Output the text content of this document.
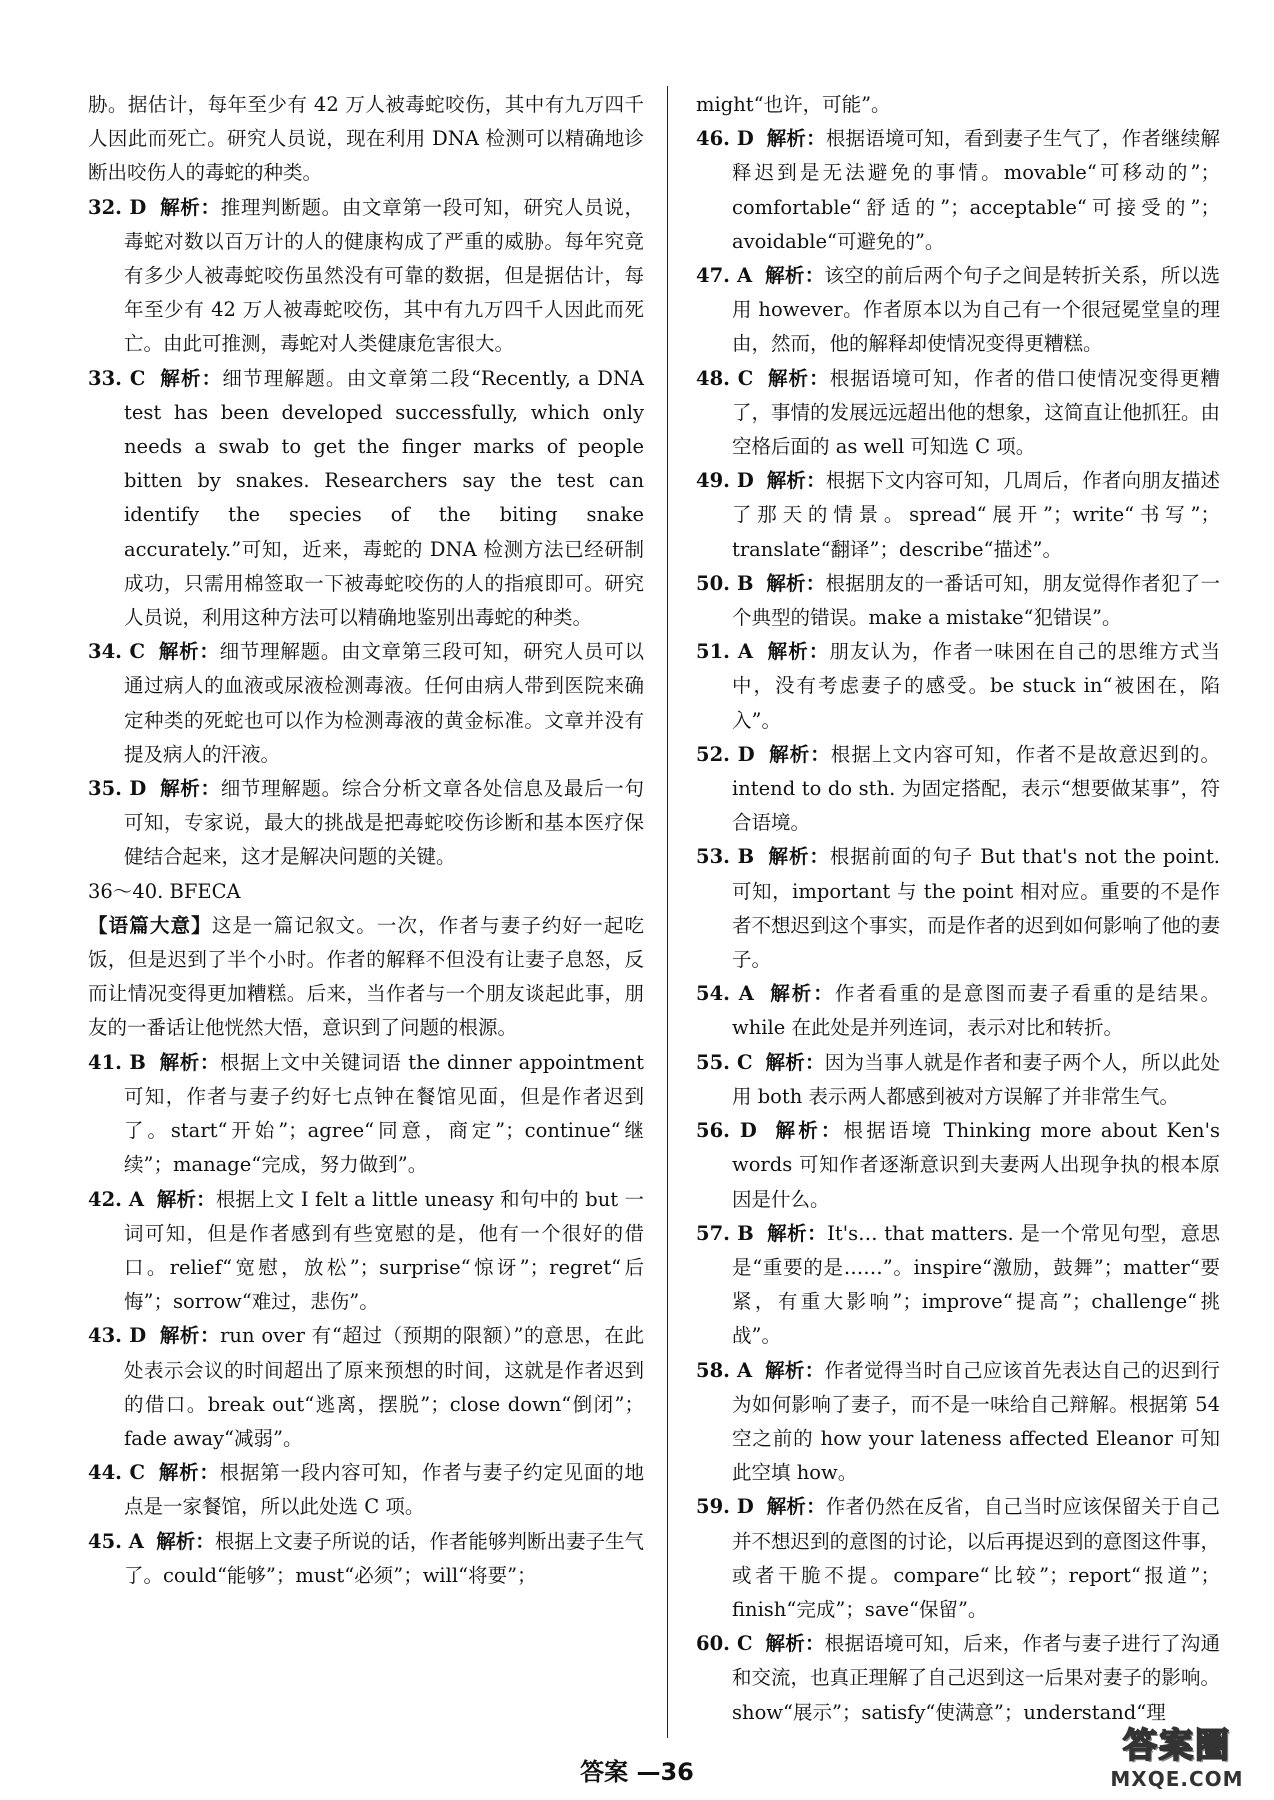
胁。据估计，每年至少有 42 万人被毒蛇咬伤，其中有九万四千人因此而死亡。研究人员说，现在利用 DNA 检测可以精确地诊断出咬伤人的毒蛇的种类。

32. D 解析：推理判断题。由文章第一段可知，研究人员说，毒蛇对数以百万计的人的健康构成了严重的威胁。每年究竟有多少人被毒蛇咬伤虽然没有可靠的数据，但是据估计，每年至少有 42 万人被毒蛇咬伤，其中有九万四千人因此而死亡。由此可推测，毒蛇对人类健康危害很大。

33. C 解析：细节理解题。由文章第二段“Recently, a DNA test has been developed successfully, which only needs a swab to get the finger marks of people bitten by snakes. Researchers say the test can identify the species of the biting snake accurately.”可知，近来，毒蛇的 DNA 检测方法已经研制成功，只需用棉签取一下被毒蛇咬伤的人的指痕即可。研究人员说，利用这种方法可以精确地鉴别出毒蛇的种类。

34. C 解析：细节理解题。由文章第三段可知，研究人员可以通过病人的血液或尿液检测毒液。任何由病人带到医院来确定种类的死蛇也可以作为检测毒液的黄金标准。文章并没有提及病人的汗液。

35. D 解析：细节理解题。综合分析文章各处信息及最后一句可知，专家说，最大的挑战是把毒蛇咬伤诊断和基本医疗保健结合起来，这才是解决问题的关键。

36～40. BFECA

【语篇大意】这是一篇记叙文。一次，作者与妻子约好一起吃饭，但是迟到了半个小时。作者的解释不但没有让妻子息怒，反而让情况变得更加糟糕。后来，当作者与一个朋友谈起此事，朋友的一番话让他恍然大悟，意识到了问题的根源。

41. B 解析：根据上文中关键词语 the dinner appointment 可知，作者与妻子约好七点钟在餐馆见面，但是作者迟到了。start“开始”；agree“同意，商定”；continue“继续”；manage“完成，努力做到”。

42. A 解析：根据上文 I felt a little uneasy 和句中的 but 一词可知，但是作者感到有些宽慰的是，他有一个很好的借口。relief“宽慰，放松”；surprise“惊讶”；regret“后悔”；sorrow“难过，悲伤”。

43. D 解析：run over 有“超过（预期的限额）”的意思，在此处表示会议的时间超出了原来预想的时间，这就是作者迟到的借口。break out“逃离，摆脱”；close down“倒闭”；fade away“减弱”。

44. C 解析：根据第一段内容可知，作者与妻子约定见面的地点是一家餐馆，所以此处选 C 项。

45. A 解析：根据上文妻子所说的话，作者能够判断出妻子生气了。could“能够”；must“必须”；will“将要”；

might“也许，可能”。

46. D 解析：根据语境可知，看到妻子生气了，作者继续解释迟到是无法避免的事情。movable“可移动的”；comfortable“舒适的”；acceptable“可接受的”；avoidable“可避免的”。

47. A 解析：该空的前后两个句子之间是转折关系，所以选用 however。作者原本以为自己有一个很冠冕堂皇的理由，然而，他的解释却使情况变得更糟糕。

48. C 解析：根据语境可知，作者的借口使情况变得更糟了，事情的发展远远超出他的想象，这简直让他抓狂。由空格后面的 as well 可知选 C 项。

49. D 解析：根据下文内容可知，几周后，作者向朋友描述了那天的情景。spread“展开”；write“书写”；translate“翻译”；describe“描述”。

50. B 解析：根据朋友的一番话可知，朋友觉得作者犯了一个典型的错误。make a mistake“犯错误”。

51. A 解析：朋友认为，作者一味困在自己的思维方式当中，没有考虑妻子的感受。be stuck in“被困在，陷入”。

52. D 解析：根据上文内容可知，作者不是故意迟到的。intend to do sth. 为固定搭配，表示“想要做某事”，符合语境。

53. B 解析：根据前面的句子 But that's not the point. 可知，important 与 the point 相对应。重要的不是作者不想迟到这个事实，而是作者的迟到如何影响了他的妻子。

54. A 解析：作者看重的是意图而妻子看重的是结果。while 在此处是并列连词，表示对比和转折。

55. C 解析：因为当事人就是作者和妻子两个人，所以此处用 both 表示两人都感到被对方误解了并非常生气。

56. D 解析：根据语境 Thinking more about Ken's words 可知作者逐渐意识到夫妻两人出现争执的根本原因是什么。

57. B 解析：It's… that matters. 是一个常见句型，意思是“重要的是……”。inspire“激励，鼓舞”；matter“要紧，有重大影响”；improve“提高”；challenge“挑战”。

58. A 解析：作者觉得当时自己应该首先表达自己的迟到行为如何影响了妻子，而不是一味给自己辩解。根据第 54 空之前的 how your lateness affected Eleanor 可知此空填 how。

59. D 解析：作者仍然在反省，自己当时应该保留关于自己并不想迟到的意图的讨论，以后再提迟到的意图这件事，或者干脆不提。compare“比较”；report“报道”；finish“完成”；save“保留”。

60. C 解析：根据语境可知，后来，作者与妻子进行了沟通和交流，也真正理解了自己迟到这一后果对妻子的影响。show“展示”；satisfy“使满意”；understand“理

答案 —36
答案圈
MXQE.COM
